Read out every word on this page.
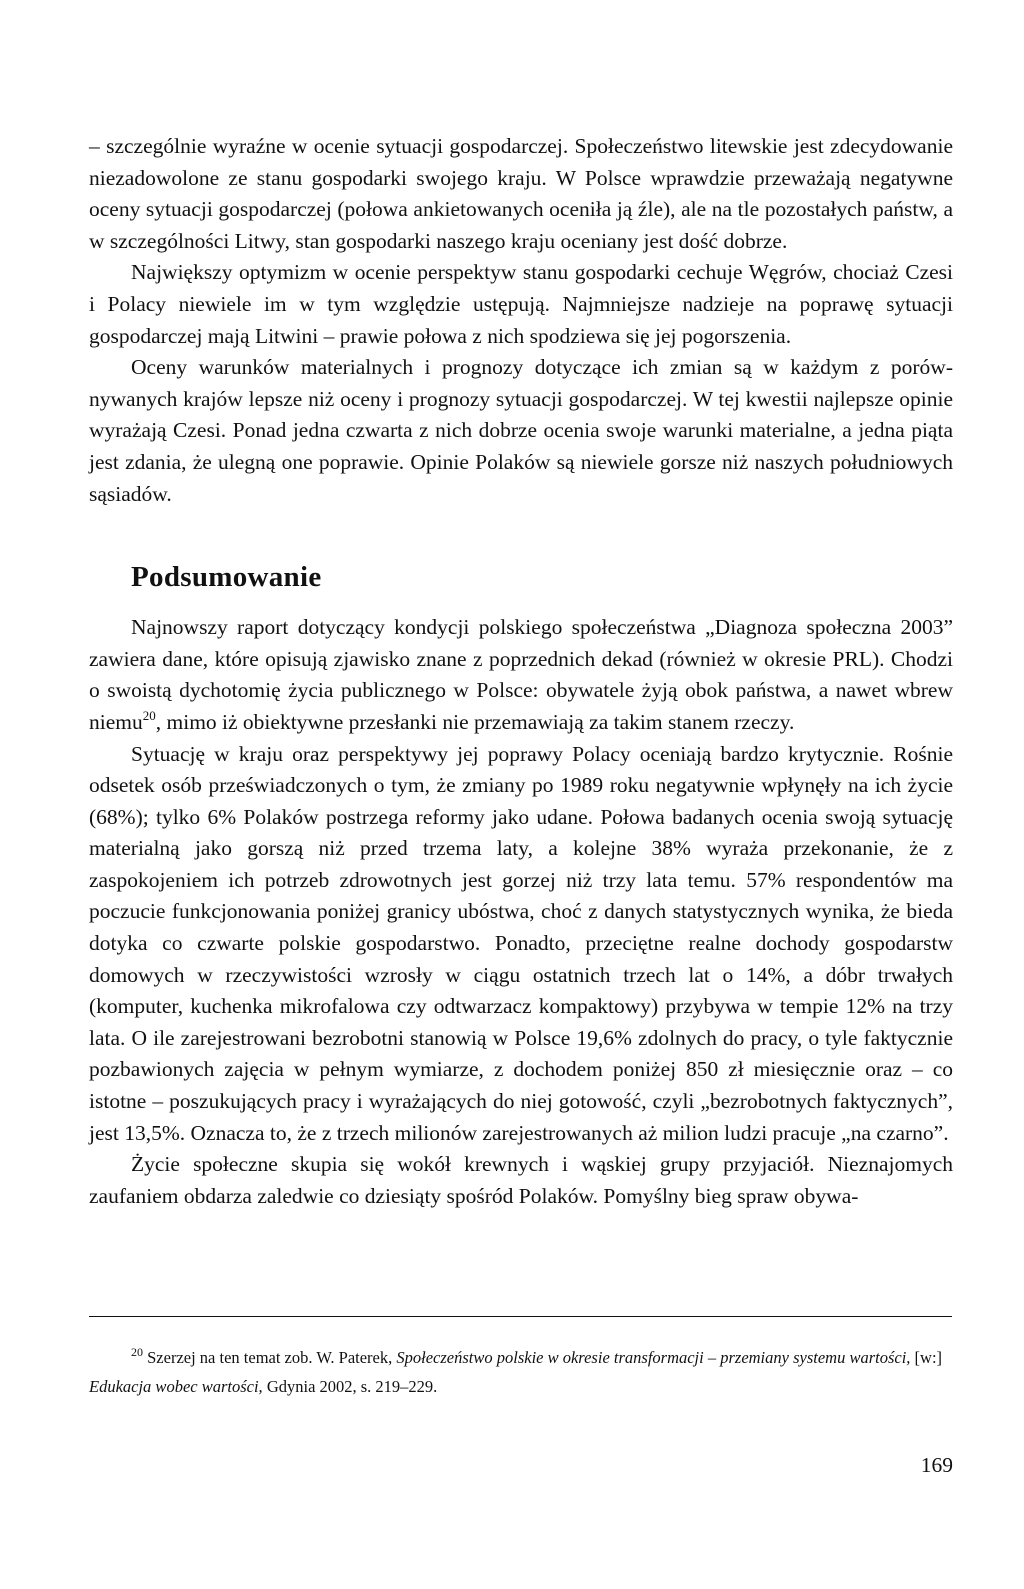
– szczególnie wyraźne w ocenie sytuacji gospodarczej. Społeczeństwo litewskie jest zdecydowanie niezadowolone ze stanu gospodarki swojego kraju. W Polsce wprawdzie przeważają negatywne oceny sytuacji gospodarczej (połowa ankietowanych oceniła ją źle), ale na tle pozostałych państw, a w szczególności Litwy, stan gospodarki naszego kraju oceniany jest dość dobrze.

Największy optymizm w ocenie perspektyw stanu gospodarki cechuje Węgrów, chociaż Czesi i Polacy niewiele im w tym względzie ustępują. Najmniejsze nadzieje na poprawę sytuacji gospodarczej mają Litwini – prawie połowa z nich spodziewa się jej pogorszenia.

Oceny warunków materialnych i prognozy dotyczące ich zmian są w każdym z porównywanych krajów lepsze niż oceny i prognozy sytuacji gospodarczej. W tej kwestii najlepsze opinie wyrażają Czesi. Ponad jedna czwarta z nich dobrze ocenia swoje warunki materialne, a jedna piąta jest zdania, że ulegną one poprawie. Opinie Polaków są niewiele gorsze niż naszych południowych sąsiadów.

Podsumowanie

Najnowszy raport dotyczący kondycji polskiego społeczeństwa „Diagnoza społeczna 2003” zawiera dane, które opisują zjawisko znane z poprzednich dekad (również w okresie PRL). Chodzi o swoistą dychotomię życia publicznego w Polsce: obywatele żyją obok państwa, a nawet wbrew niemu$^{20}$, mimo iż obiektywne przesłanki nie przemawiają za takim stanem rzeczy.

Sytuację w kraju oraz perspektywy jej poprawy Polacy oceniają bardzo krytycznie. Rośnie odsetek osób przeświadczonych o tym, że zmiany po 1989 roku negatywnie wpłynęły na ich życie (68%); tylko 6% Polaków postrzega reformy jako udane. Połowa badanych ocenia swoją sytuację materialną jako gorszą niż przed trzema laty, a kolejne 38% wyraża przekonanie, że z zaspokojeniem ich potrzeb zdrowotnych jest gorzej niż trzy lata temu. 57% respondentów ma poczucie funkcjonowania poniżej granicy ubóstwa, choć z danych statystycznych wynika, że bieda dotyka co czwarte polskie gospodarstwo. Ponadto, przeciętne realne dochody gospodarstw domowych w rzeczywistości wzrosły w ciągu ostatnich trzech lat o 14%, a dóbr trwałych (komputer, kuchenka mikrofalowa czy odtwarzacz kompaktowy) przybywa w tempie 12% na trzy lata. O ile zarejestrowani bezrobotni stanowią w Polsce 19,6% zdolnych do pracy, o tyle faktycznie pozbawionych zajęcia w pełnym wymiarze, z dochodem poniżej 850 zł miesięcznie oraz – co istotne – poszukujących pracy i wyrażających do niej gotowość, czyli „bezrobotnych faktycznych”, jest 13,5%. Oznacza to, że z trzech milionów zarejestrowanych aż milion ludzi pracuje „na czarno”.

Życie społeczne skupia się wokół krewnych i wąskiej grupy przyjaciół. Nieznajomych zaufaniem obdarza zaledwie co dziesiąty spośród Polaków. Pomyślny bieg spraw obywa-

$^{20}$ Szerzej na ten temat zob. W. Paterek, Społeczeństwo polskie w okresie transformacji – przemiany systemu wartości, [w:] Edukacja wobec wartości, Gdynia 2002, s. 219–229.

169
